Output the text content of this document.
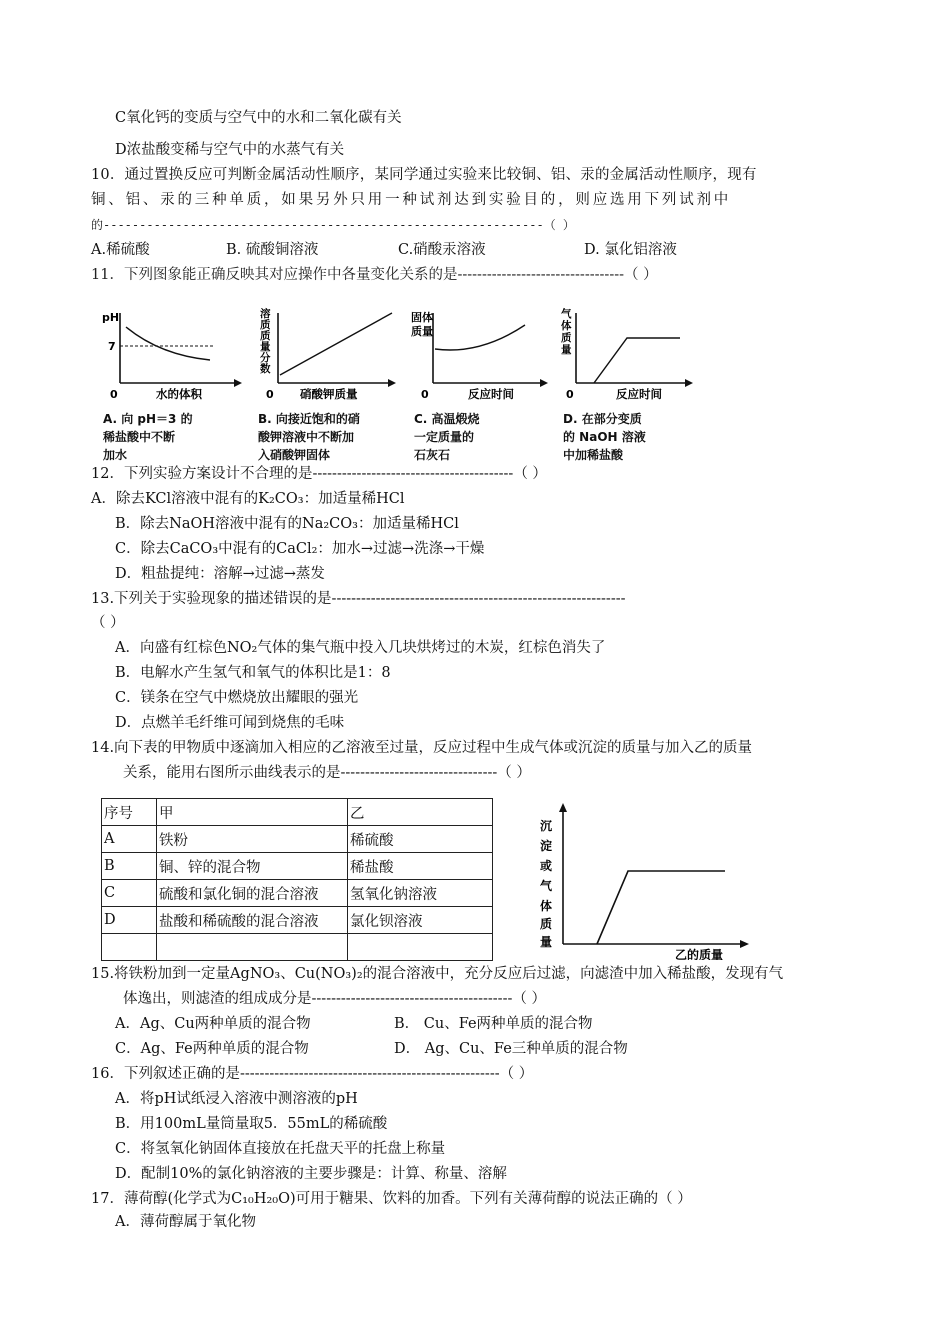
C氧化钙的变质与空气中的水和二氧化碳有关
D浓盐酸变稀与空气中的水蒸气有关
10．通过置换反应可判断金属活动性顺序，某同学通过实验来比较铜、铝、汞的金属活动性顺序，现有
铜、铝、汞的三种单质，如果另外只用一种试剂达到实验目的，则应选用下列试剂中
的-------------------------------------------------------------（ ）
A.稀硫酸	B. 硫酸铜溶液	C.硝酸汞溶液	D. 氯化铝溶液
11．下列图象能正确反映其对应操作中各量变化关系的是----------------------------------（ ）
pH
7
0	水的体积
溶 质 质 量 分 数
0 硝酸钾质量
固 体 质 量
0	反应时间
气 体 质 量
0	反应时间
A. 向 pH＝3 的
稀盐酸中不断
加水
B. 向接近饱和的硝
酸钾溶液中不断加
入硝酸钾固体
C. 高温煅烧
一定质量的
石灰石
D. 在部分变质
的 NaOH 溶液
中加稀盐酸
12．下列实验方案设计不合理的是-----------------------------------------（ ）
A．除去KCl溶液中混有的K₂CO₃：加适量稀HCl
B．除去NaOH溶液中混有的Na₂CO₃：加适量稀HCl
C．除去CaCO₃中混有的CaCl₂：加水→过滤→洗涤→干燥
D．粗盐提纯：溶解→过滤→蒸发
13.下列关于实验现象的描述错误的是------------------------------------------------------------
（ ）
A．向盛有红棕色NO₂气体的集气瓶中投入几块烘烤过的木炭，红棕色消失了
B．电解水产生氢气和氧气的体积比是1：8
C．镁条在空气中燃烧放出耀眼的强光
D．点燃羊毛纤维可闻到烧焦的毛味
14.向下表的甲物质中逐滴加入相应的乙溶液至过量，反应过程中生成气体或沉淀的质量与加入乙的质量
关系，能用右图所示曲线表示的是--------------------------------（ ）
序号	甲	乙
A	铁粉	稀硫酸
B	铜、锌的混合物	稀盐酸
C	硫酸和氯化铜的混合溶液	氢氧化钠溶液
D	盐酸和稀硫酸的混合溶液	氯化钡溶液

沉 淀 或 气 体 质 量
乙的质量
15.将铁粉加到一定量AgNO₃、Cu(NO₃)₂的混合溶液中，充分反应后过滤，向滤渣中加入稀盐酸，发现有气
体逸出，则滤渣的组成成分是-----------------------------------------（ ）
A．Ag、Cu两种单质的混合物	B． Cu、Fe两种单质的混合物
C．Ag、Fe两种单质的混合物	D． Ag、Cu、Fe三种单质的混合物
16．下列叙述正确的是-----------------------------------------------------（ ）
A．将pH试纸浸入溶液中测溶液的pH
B．用100mL量筒量取5．55mL的稀硫酸
C．将氢氧化钠固体直接放在托盘天平的托盘上称量
D．配制10%的氯化钠溶液的主要步骤是：计算、称量、溶解
17．薄荷醇(化学式为C₁₀H₂₀O)可用于糖果、饮料的加香。下列有关薄荷醇的说法正确的（ ）
A．薄荷醇属于氧化物
